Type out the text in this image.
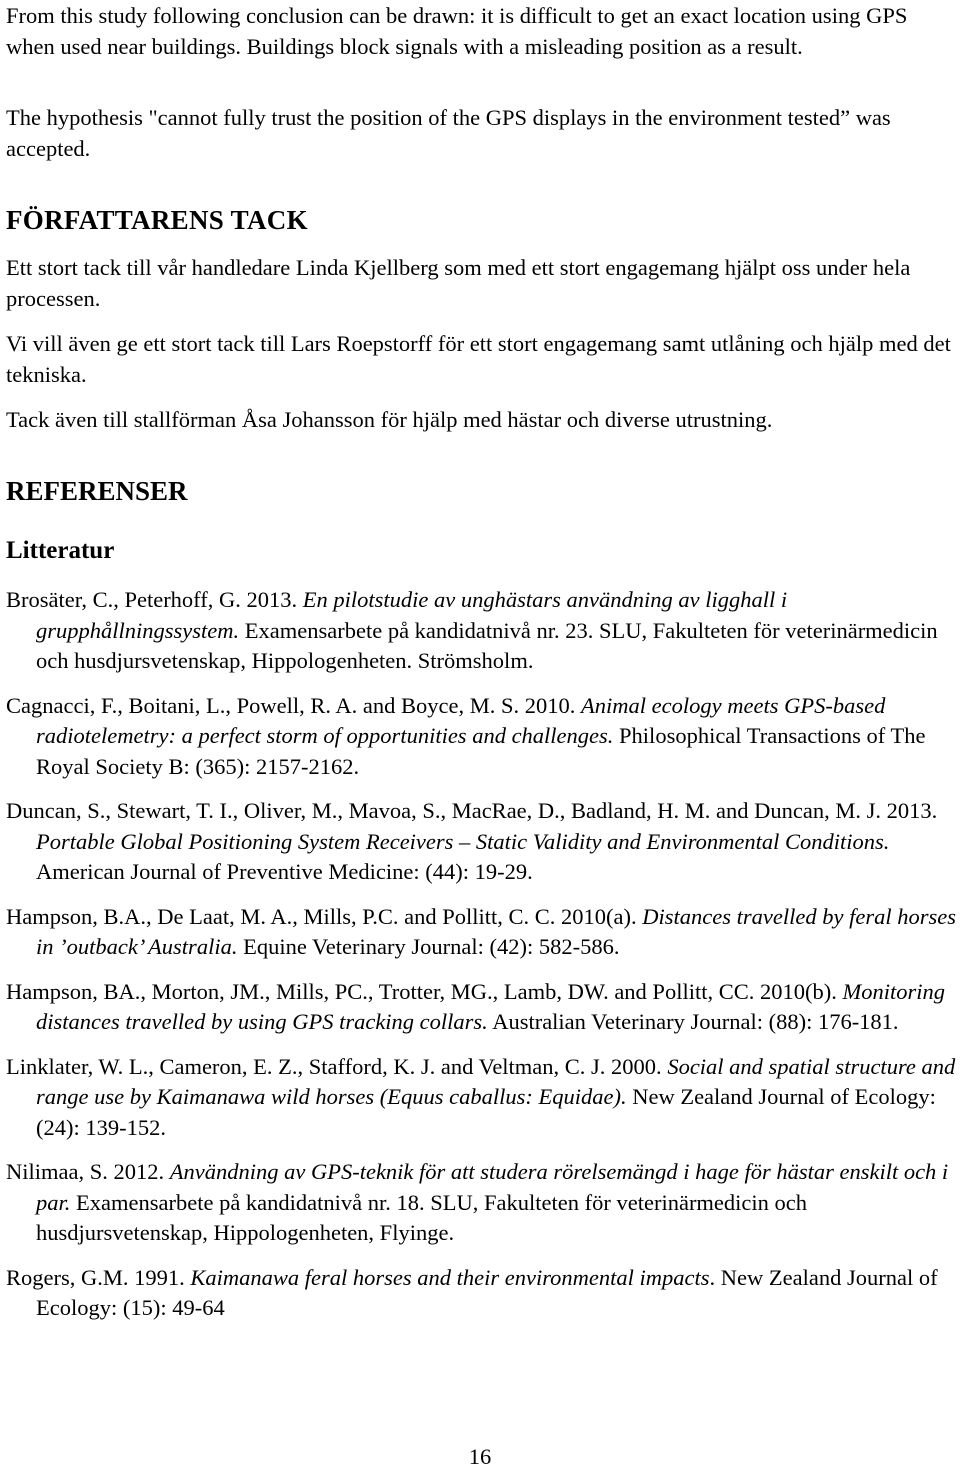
From this study following conclusion can be drawn: it is difficult to get an exact location using GPS when used near buildings. Buildings block signals with a misleading position as a result.

The hypothesis "cannot fully trust the position of the GPS displays in the environment tested” was accepted.

FÖRFATTARENS TACK

Ett stort tack till vår handledare Linda Kjellberg som med ett stort engagemang hjälpt oss under hela processen.

Vi vill även ge ett stort tack till Lars Roepstorff för ett stort engagemang samt utlåning och hjälp med det tekniska.

Tack även till stallförman Åsa Johansson för hjälp med hästar och diverse utrustning.

REFERENSER
Litteratur

Brosäter, C., Peterhoff, G. 2013. En pilotstudie av unghästars användning av ligghall i grupphållningssystem. Examensarbete på kandidatnivå nr. 23. SLU, Fakulteten för veterinärmedicin och husdjursvetenskap, Hippologenheten. Strömsholm.

Cagnacci, F., Boitani, L., Powell, R. A. and Boyce, M. S. 2010. Animal ecology meets GPS-based radiotelemetry: a perfect storm of opportunities and challenges. Philosophical Transactions of The Royal Society B: (365): 2157-2162.

Duncan, S., Stewart, T. I., Oliver, M., Mavoa, S., MacRae, D., Badland, H. M. and Duncan, M. J. 2013. Portable Global Positioning System Receivers – Static Validity and Environmental Conditions. American Journal of Preventive Medicine: (44): 19-29.

Hampson, B.A., De Laat, M. A., Mills, P.C. and Pollitt, C. C. 2010(a). Distances travelled by feral horses in ’outback’ Australia. Equine Veterinary Journal: (42): 582-586.

Hampson, BA., Morton, JM., Mills, PC., Trotter, MG., Lamb, DW. and Pollitt, CC. 2010(b). Monitoring distances travelled by using GPS tracking collars. Australian Veterinary Journal: (88): 176-181.

Linklater, W. L., Cameron, E. Z., Stafford, K. J. and Veltman, C. J. 2000. Social and spatial structure and range use by Kaimanawa wild horses (Equus caballus: Equidae). New Zealand Journal of Ecology: (24): 139-152.

Nilimaa, S. 2012. Användning av GPS-teknik för att studera rörelsemängd i hage för hästar enskilt och i par. Examensarbete på kandidatnivå nr. 18. SLU, Fakulteten för veterinärmedicin och husdjursvetenskap, Hippologenheten, Flyinge.

Rogers, G.M. 1991. Kaimanawa feral horses and their environmental impacts. New Zealand Journal of Ecology: (15): 49-64

16
